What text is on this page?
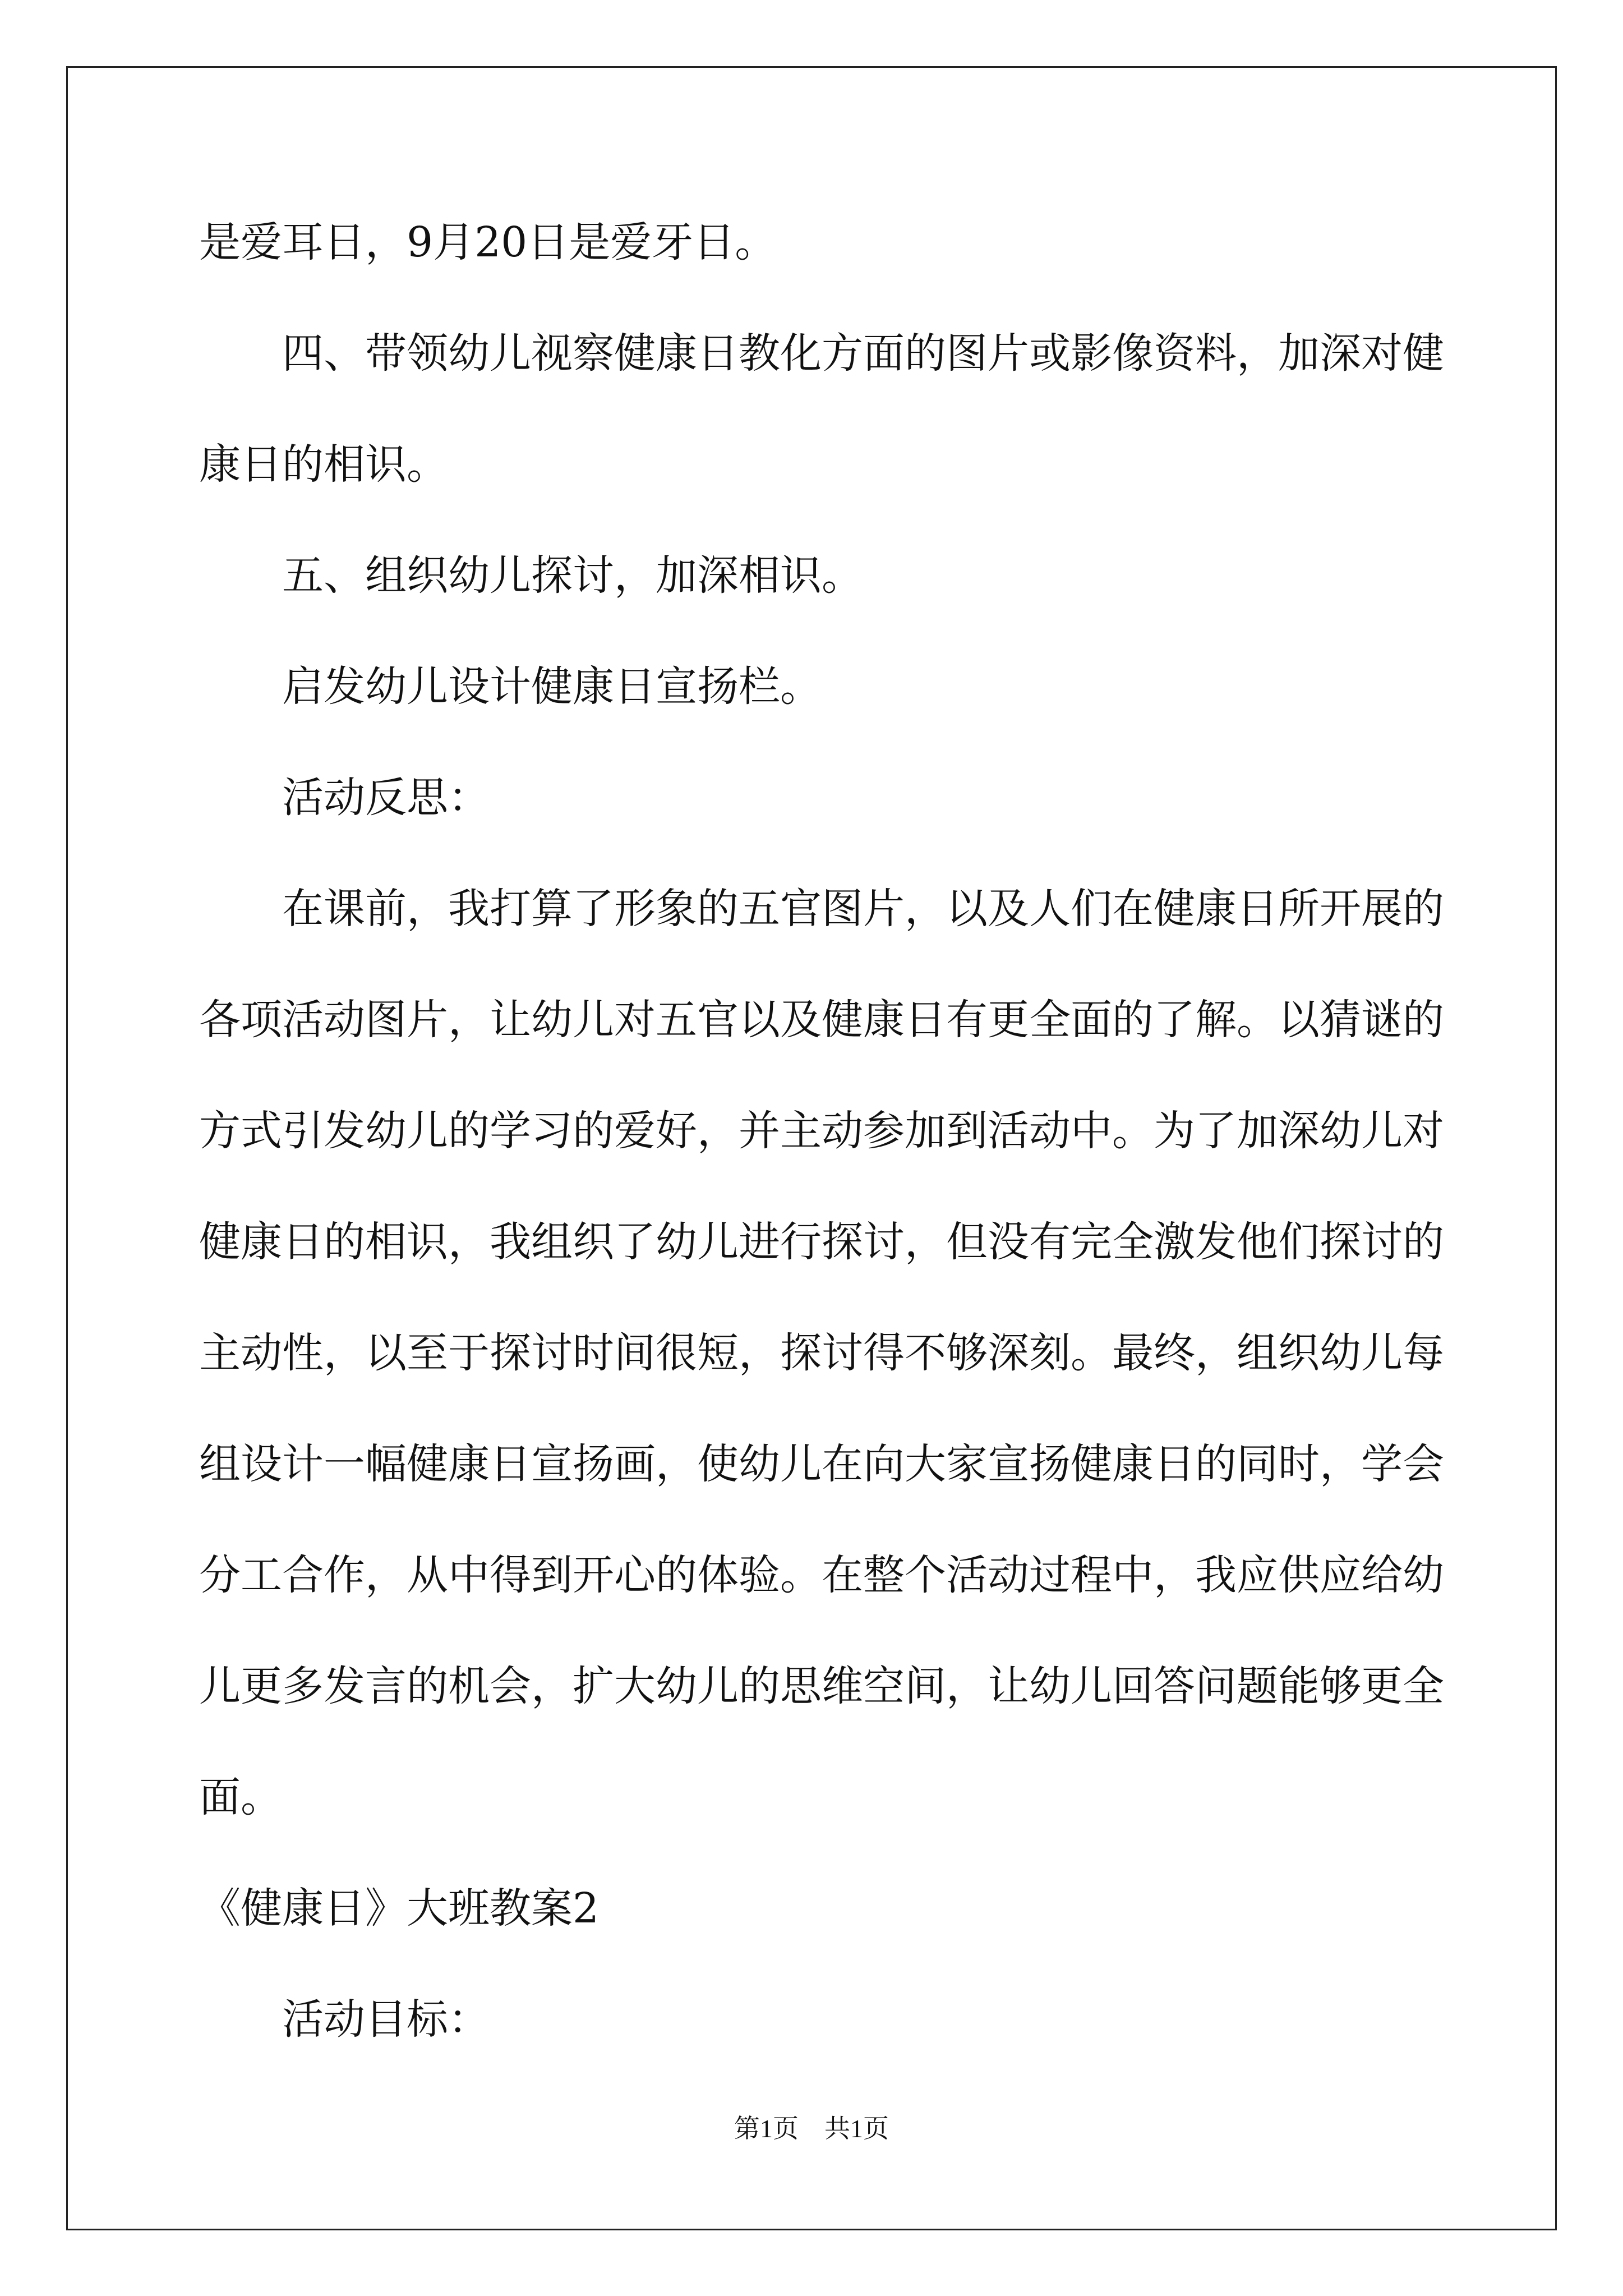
是爱耳日，9月20日是爱牙日。

四、带领幼儿视察健康日教化方面的图片或影像资料，加深对健

康日的相识。

五、组织幼儿探讨，加深相识。

启发幼儿设计健康日宣扬栏。

活动反思：

在课前，我打算了形象的五官图片，以及人们在健康日所开展的

各项活动图片，让幼儿对五官以及健康日有更全面的了解。以猜谜的

方式引发幼儿的学习的爱好，并主动参加到活动中。为了加深幼儿对

健康日的相识，我组织了幼儿进行探讨，但没有完全激发他们探讨的

主动性，以至于探讨时间很短，探讨得不够深刻。最终，组织幼儿每

组设计一幅健康日宣扬画，使幼儿在向大家宣扬健康日的同时，学会

分工合作，从中得到开心的体验。在整个活动过程中，我应供应给幼

儿更多发言的机会，扩大幼儿的思维空间，让幼儿回答问题能够更全

面。

《健康日》大班教案2

活动目标：

第1页 共1页
